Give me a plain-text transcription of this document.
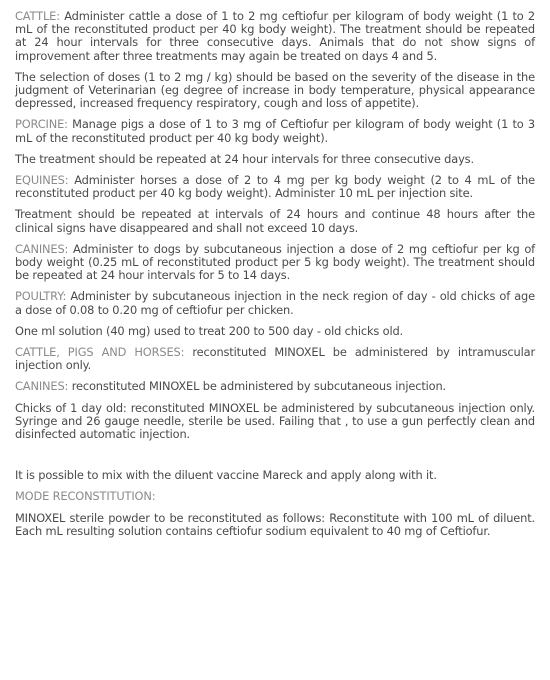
CATTLE: Administer cattle a dose of 1 to 2 mg ceftiofur per kilogram of body weight (1 to 2 mL of the reconstituted product per 40 kg body weight). The treatment should be repeated at 24 hour intervals for three consecutive days. Animals that do not show signs of improvement after three treatments may again be treated on days 4 and 5.

The selection of doses (1 to 2 mg / kg) should be based on the severity of the disease in the judgment of Veterinarian (eg degree of increase in body temperature, physical appearance depressed, increased frequency respiratory, cough and loss of appetite).

PORCINE: Manage pigs a dose of 1 to 3 mg of Ceftiofur per kilogram of body weight (1 to 3 mL of the reconstituted product per 40 kg body weight).

The treatment should be repeated at 24 hour intervals for three consecutive days.

EQUINES: Administer horses a dose of 2 to 4 mg per kg body weight (2 to 4 mL of the reconstituted product per 40 kg body weight). Administer 10 mL per injection site.

Treatment should be repeated at intervals of 24 hours and continue 48 hours after the clinical signs have disappeared and shall not exceed 10 days.

CANINES: Administer to dogs by subcutaneous injection a dose of 2 mg ceftiofur per kg of body weight (0.25 mL of reconstituted product per 5 kg body weight). The treatment should be repeated at 24 hour intervals for 5 to 14 days.

POULTRY: Administer by subcutaneous injection in the neck region of day - old chicks of age a dose of 0.08 to 0.20 mg of ceftiofur per chicken.

One ml solution (40 mg) used to treat 200 to 500 day - old chicks old.

CATTLE, PIGS AND HORSES: reconstituted MINOXEL be administered by intramuscular injection only.

CANINES: reconstituted MINOXEL be administered by subcutaneous injection.

Chicks of 1 day old: reconstituted MINOXEL be administered by subcutaneous injection only. Syringe and 26 gauge needle, sterile be used. Failing that , to use a gun perfectly clean and disinfected automatic injection.

It is possible to mix with the diluent vaccine Mareck and apply along with it.

MODE RECONSTITUTION:

MINOXEL sterile powder to be reconstituted as follows: Reconstitute with 100 mL of diluent. Each mL resulting solution contains ceftiofur sodium equivalent to 40 mg of Ceftiofur.
